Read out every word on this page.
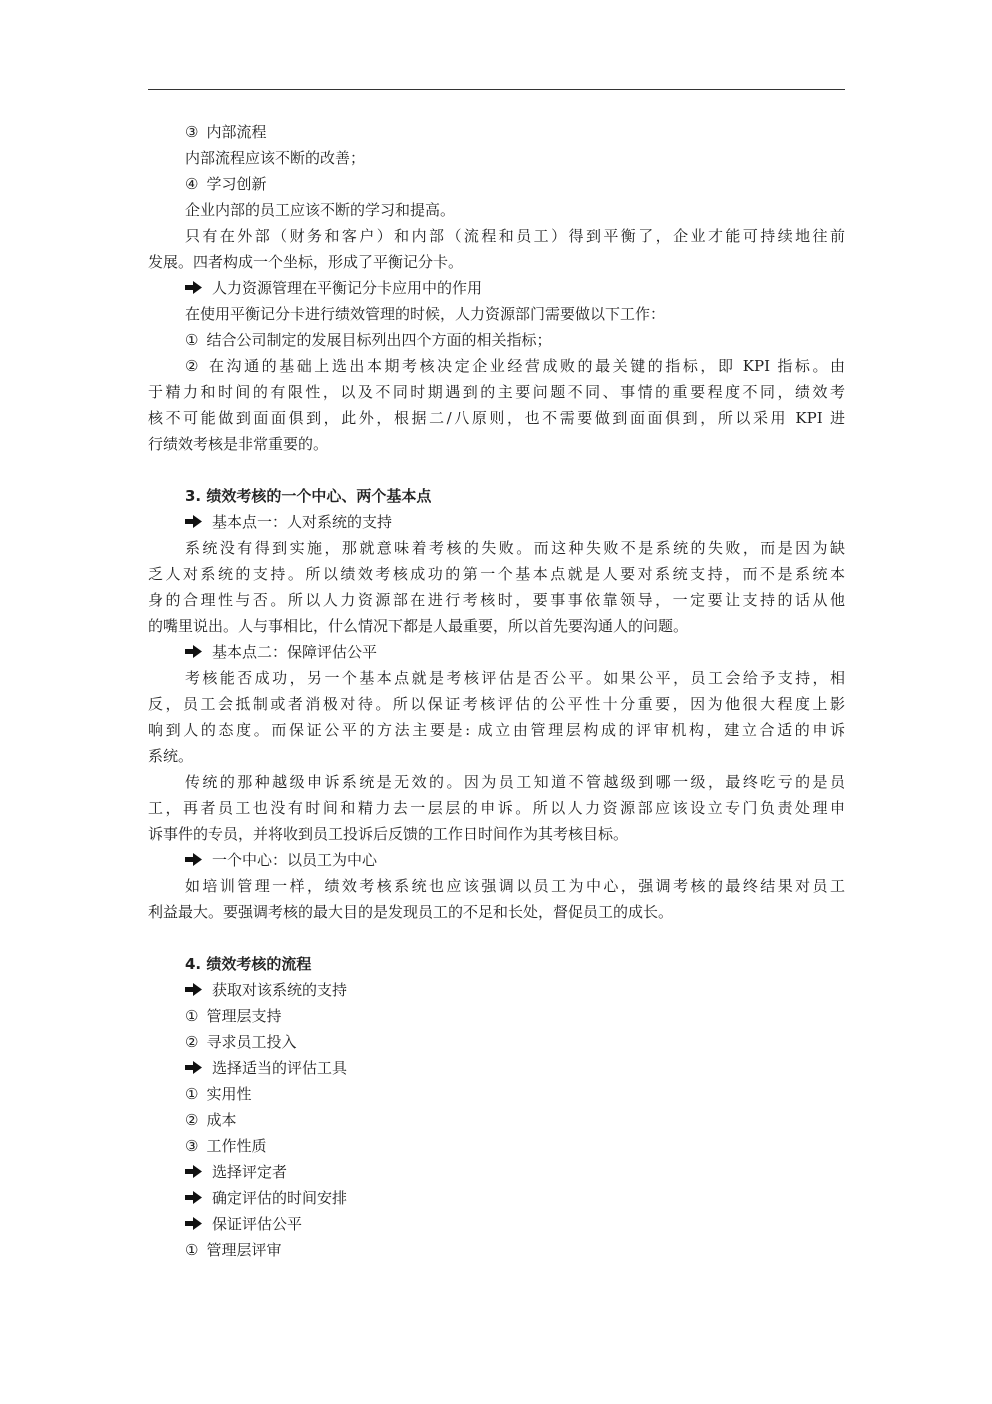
③ 内部流程
内部流程应该不断的改善；
④ 学习创新
企业内部的员工应该不断的学习和提高。
只有在外部（财务和客户）和内部（流程和员工）得到平衡了，企业才能可持续地往前
发展。四者构成一个坐标，形成了平衡记分卡。
人力资源管理在平衡记分卡应用中的作用
在使用平衡记分卡进行绩效管理的时候，人力资源部门需要做以下工作：
① 结合公司制定的发展目标列出四个方面的相关指标；
② 在沟通的基础上选出本期考核决定企业经营成败的最关键的指标，即 KPI 指标。由
于精力和时间的有限性，以及不同时期遇到的主要问题不同、事情的重要程度不同，绩效考
核不可能做到面面俱到，此外，根据二/八原则，也不需要做到面面俱到，所以采用 KPI 进
行绩效考核是非常重要的。
3. 绩效考核的一个中心、两个基本点
基本点一：人对系统的支持
系统没有得到实施，那就意味着考核的失败。而这种失败不是系统的失败，而是因为缺
乏人对系统的支持。所以绩效考核成功的第一个基本点就是人要对系统支持，而不是系统本
身的合理性与否。所以人力资源部在进行考核时，要事事依靠领导，一定要让支持的话从他
的嘴里说出。人与事相比，什么情况下都是人最重要，所以首先要沟通人的问题。
基本点二：保障评估公平
考核能否成功，另一个基本点就是考核评估是否公平。如果公平，员工会给予支持，相
反，员工会抵制或者消极对待。所以保证考核评估的公平性十分重要，因为他很大程度上影
响到人的态度。而保证公平的方法主要是: 成立由管理层构成的评审机构，建立合适的申诉
系统。
传统的那种越级申诉系统是无效的。因为员工知道不管越级到哪一级，最终吃亏的是员
工，再者员工也没有时间和精力去一层层的申诉。所以人力资源部应该设立专门负责处理申
诉事件的专员，并将收到员工投诉后反馈的工作日时间作为其考核目标。
一个中心：以员工为中心
如培训管理一样，绩效考核系统也应该强调以员工为中心，强调考核的最终结果对员工
利益最大。要强调考核的最大目的是发现员工的不足和长处，督促员工的成长。
4. 绩效考核的流程
获取对该系统的支持
① 管理层支持
② 寻求员工投入
选择适当的评估工具
① 实用性
② 成本
③ 工作性质
选择评定者
确定评估的时间安排
保证评估公平
① 管理层评审
